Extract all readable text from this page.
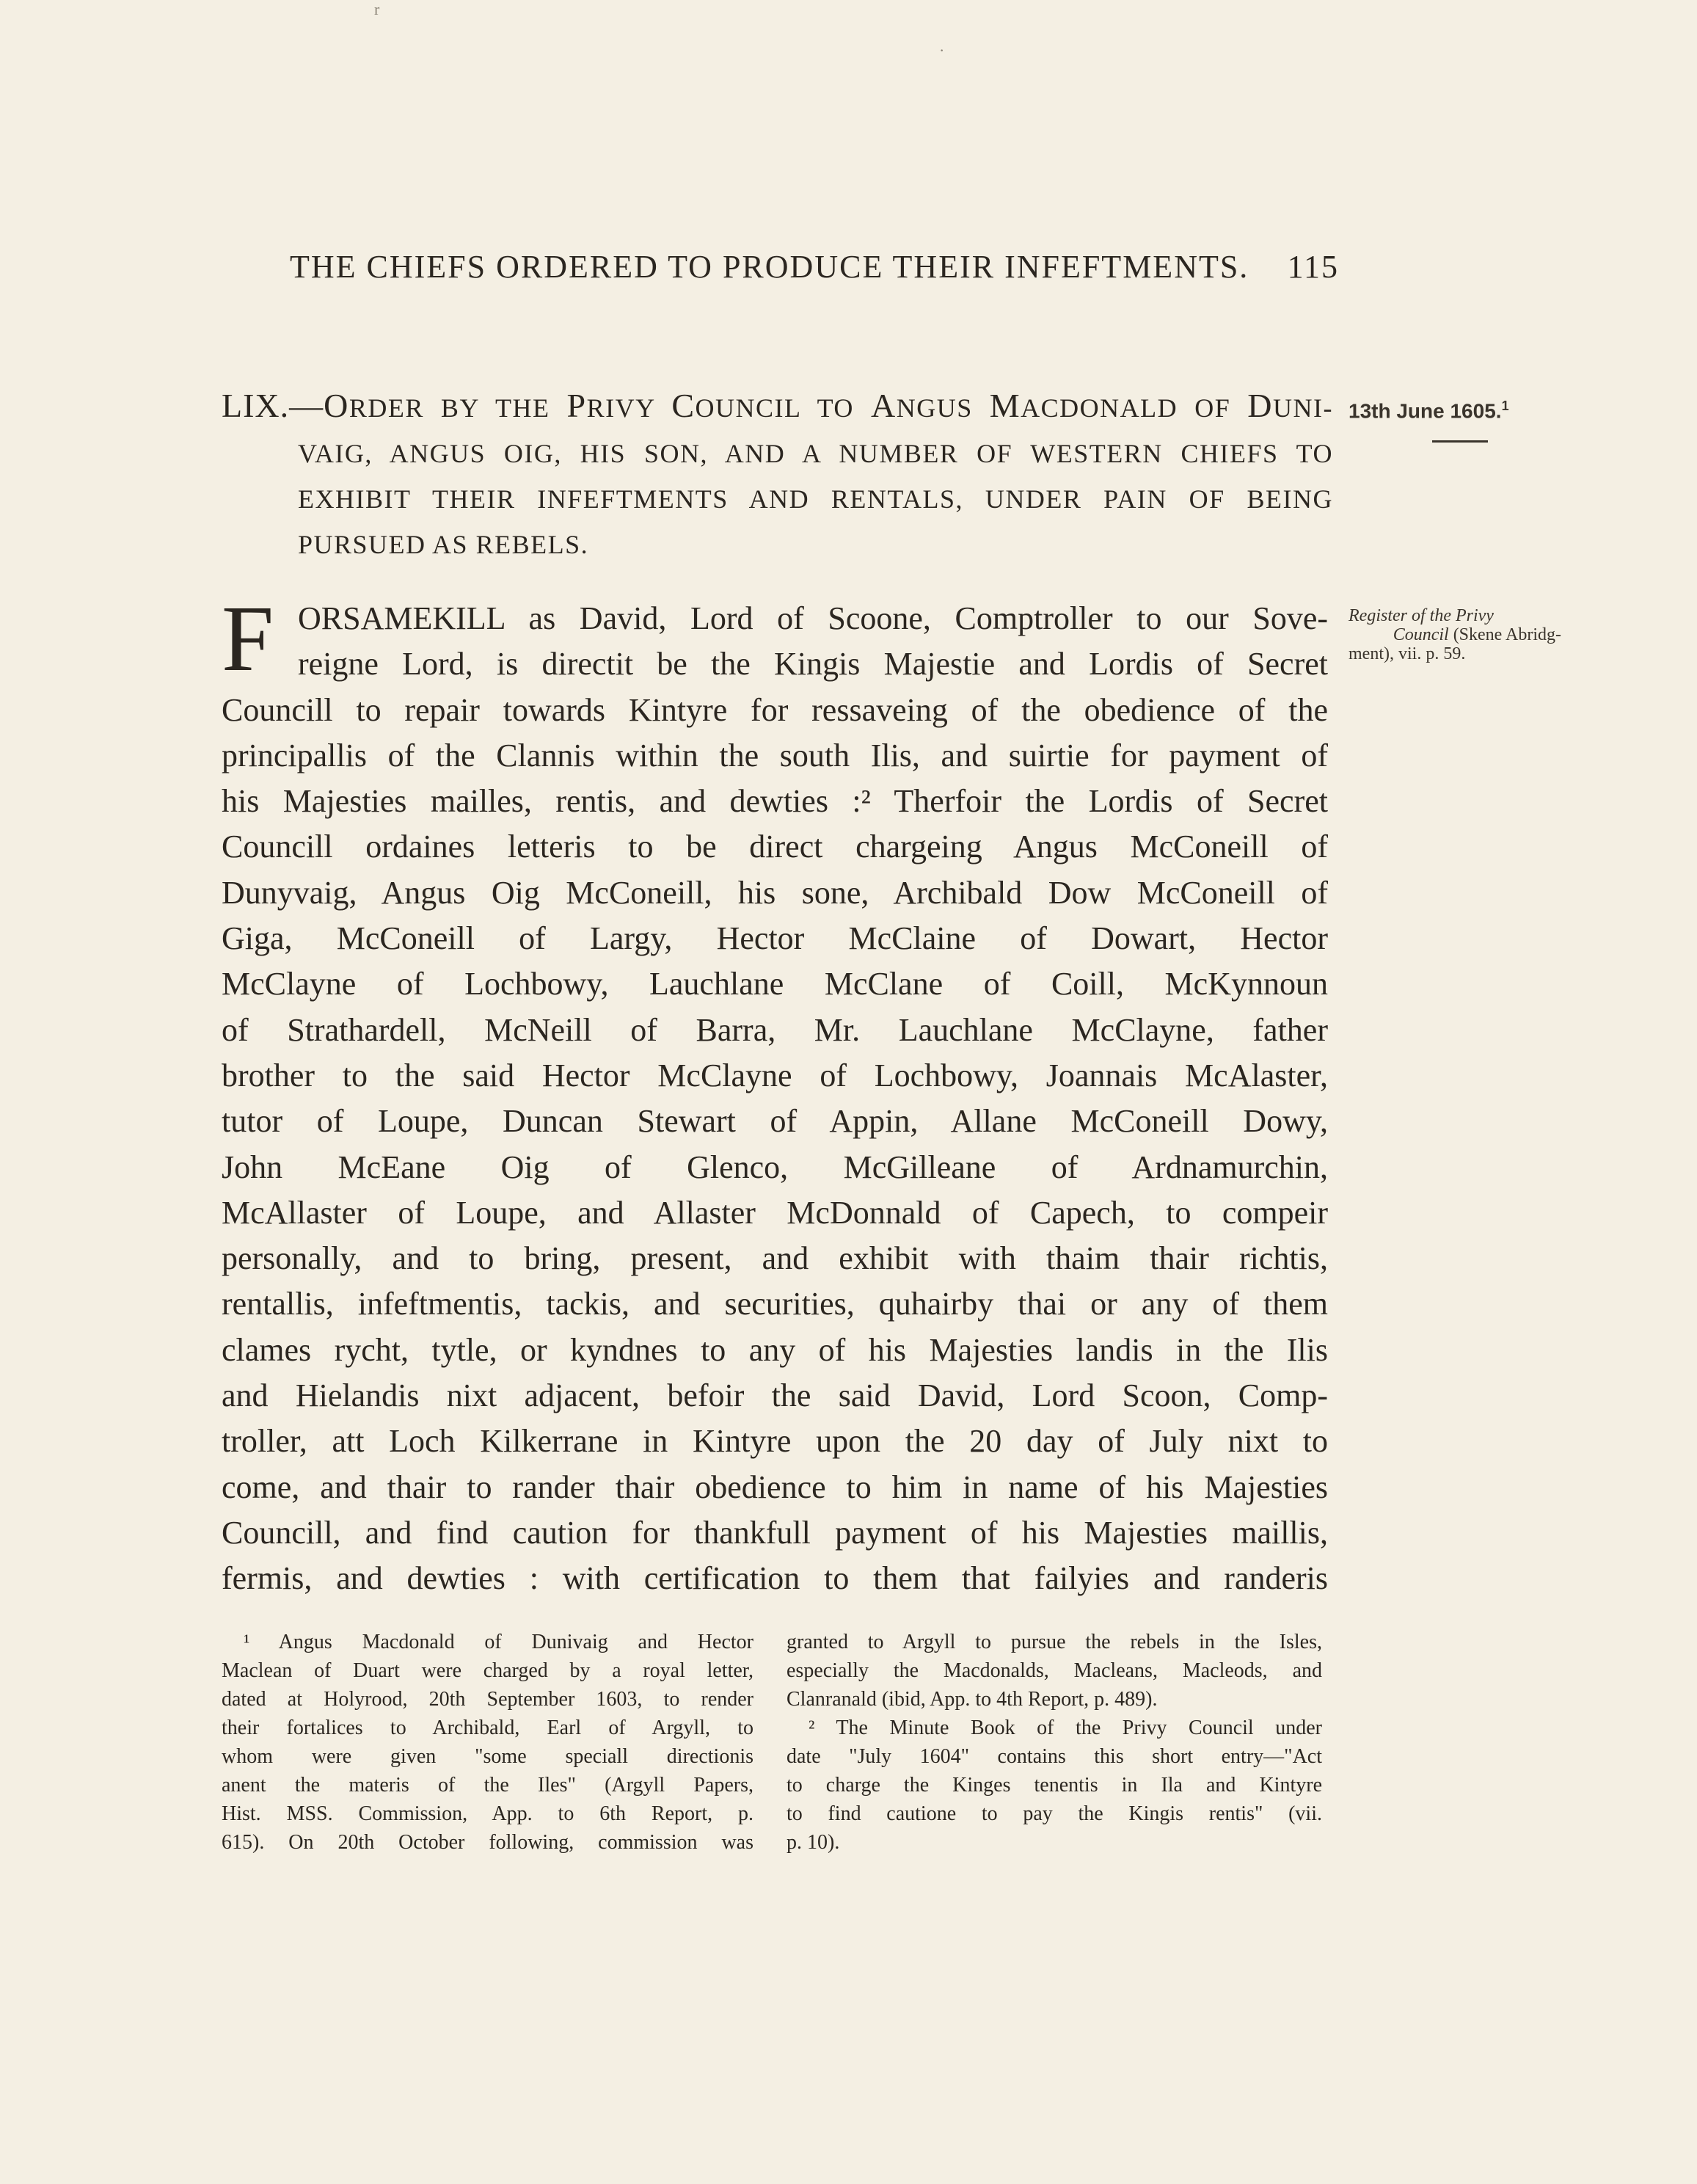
r
·
THE CHIEFS ORDERED TO PRODUCE THEIR INFEFTMENTS. 115
LIX.—ORDER BY THE PRIVY COUNCIL TO ANGUS MACDONALD OF DUNI-
VAIG, ANGUS OIG, HIS SON, AND A NUMBER OF WESTERN CHIEFS TO
EXHIBIT THEIR INFEFTMENTS AND RENTALS, UNDER PAIN OF BEING
PURSUED AS REBELS.
13th June 1605.$^1$
Register of the Privy
Council (Skene Abridg-
ment), vii. p. 59.
F ORSAMEKILL as David, Lord of Scoone, Comptroller to our Sove-
reigne Lord, is directit be the Kingis Majestie and Lordis of Secret
Councill to repair towards Kintyre for ressaveing of the obedience of the
principallis of the Clannis within the south Ilis, and suirtie for payment of
his Majesties mailles, rentis, and dewties :² Therfoir the Lordis of Secret
Councill ordaines letteris to be direct chargeing Angus McConeill of
Dunyvaig, Angus Oig McConeill, his sone, Archibald Dow McConeill of
Giga, McConeill of Largy, Hector McClaine of Dowart, Hector
McClayne of Lochbowy, Lauchlane McClane of Coill, McKynnoun
of Strathardell, McNeill of Barra, Mr. Lauchlane McClayne, father
brother to the said Hector McClayne of Lochbowy, Joannais McAlaster,
tutor of Loupe, Duncan Stewart of Appin, Allane McConeill Dowy,
John McEane Oig of Glenco, McGilleane of Ardnamurchin,
McAllaster of Loupe, and Allaster McDonnald of Capech, to compeir
personally, and to bring, present, and exhibit with thaim thair richtis,
rentallis, infeftmentis, tackis, and securities, quhairby thai or any of them
clames rycht, tytle, or kyndnes to any of his Majesties landis in the Ilis
and Hielandis nixt adjacent, befoir the said David, Lord Scoon, Comp-
troller, att Loch Kilkerrane in Kintyre upon the 20 day of July nixt to
come, and thair to rander thair obedience to him in name of his Majesties
Councill, and find caution for thankfull payment of his Majesties maillis,
fermis, and dewties : with certification to them that failyies and randeris
¹ Angus Macdonald of Dunivaig and Hector
Maclean of Duart were charged by a royal letter,
dated at Holyrood, 20th September 1603, to render
their fortalices to Archibald, Earl of Argyll, to
whom were given "some speciall directionis
anent the materis of the Iles" (Argyll Papers,
Hist. MSS. Commission, App. to 6th Report, p.
615). On 20th October following, commission was
granted to Argyll to pursue the rebels in the Isles,
especially the Macdonalds, Macleans, Macleods, and
Clanranald (ibid, App. to 4th Report, p. 489).
² The Minute Book of the Privy Council under
date "July 1604" contains this short entry—"Act
to charge the Kinges tenentis in Ila and Kintyre
to find cautione to pay the Kingis rentis" (vii.
p. 10).
